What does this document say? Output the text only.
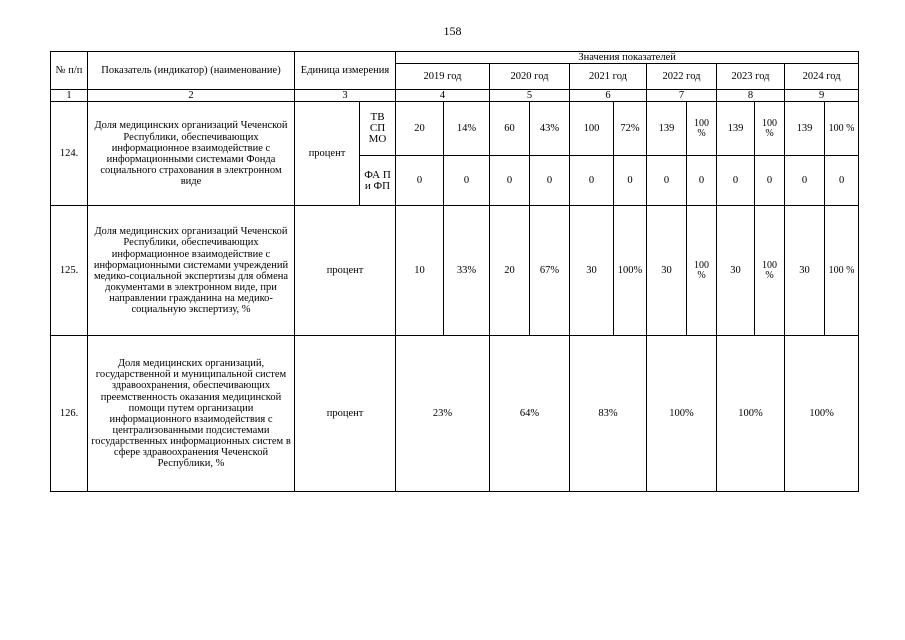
158
№ п/п	Показатель (индикатор) (наименование)	Единица измерения		Значения показателей											
				2019 год		2020 год		2021 год		2022 год		2023 год		2024 год	
1	2	3		4		5		6		7		8		9	
124.	Доля медицинских организаций Чеченской Республики, обеспечивающих информационное взаимодействие с информационными системами Фонда социального страхования в электронном виде	процент	ТВ СП МО	20	14%	60	43%	100	72%	139	100 %	139	100 %	139	100 %
			ФА П и ФП	0	0	0	0	0	0	0	0	0	0	0	0
125.	Доля медицинских организаций Чеченской Республики, обеспечивающих информационное взаимодействие с информационными системами учреждений медико-социальной экспертизы для обмена документами в электронном виде, при направлении гражданина на медико-социальную экспертизу, %	процент		10	33%	20	67%	30	100%	30	100 %	30	100 %	30	100 %
126.	Доля медицинских организаций, государственной и муниципальной систем здравоохранения, обеспечивающих преемственность оказания медицинской помощи путем организации информационного взаимодействия с централизованными подсистемами государственных информационных систем в сфере здравоохранения Чеченской Республики, %	процент		23%		64%		83%		100%		100%		100%	
